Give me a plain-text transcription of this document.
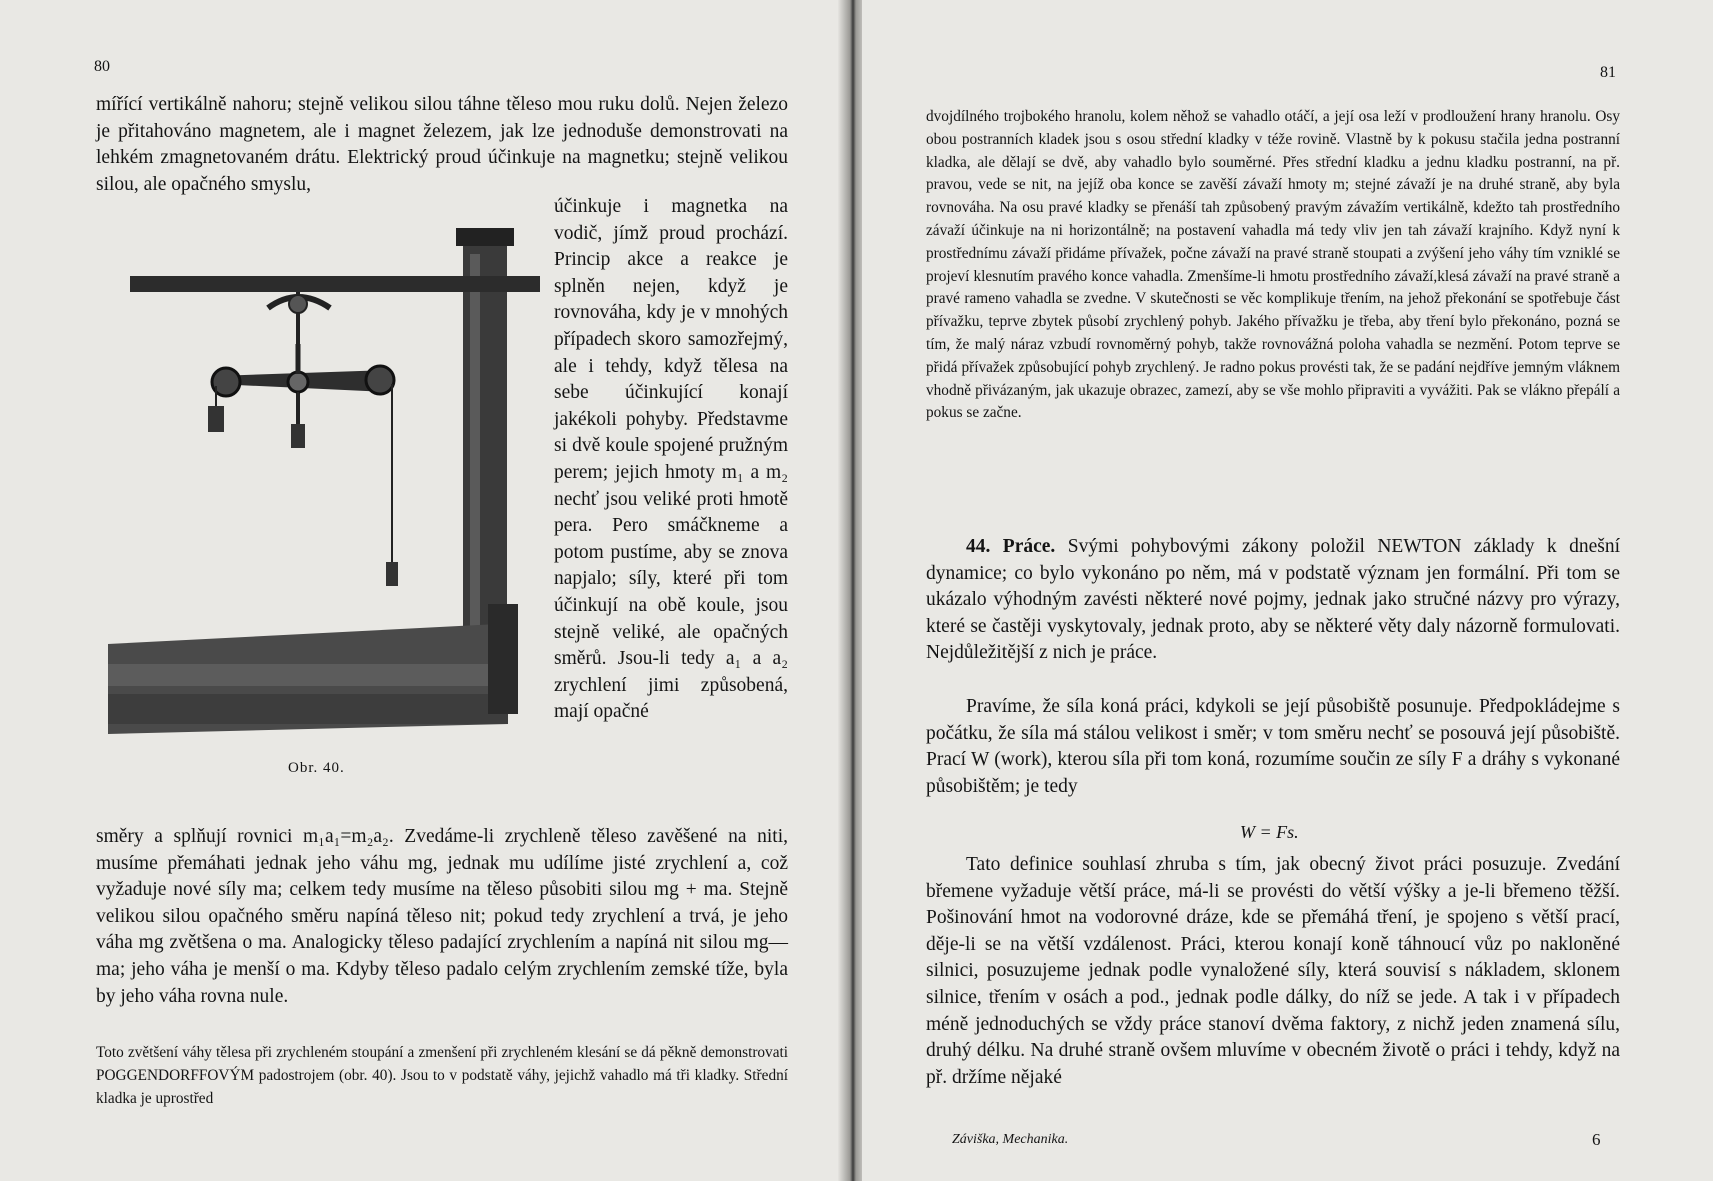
80

mířící vertikálně nahoru; stejně velikou silou táhne těleso mou ruku dolů. Nejen železo je přitahováno magnetem, ale i magnet železem, jak lze jednoduše demonstrovati na lehkém zmagnetovaném drátu. Elektrický proud účinkuje na magnetku; stejně velikou silou, ale opačného smyslu,

Obr. 40.

účinkuje i magnetka na vodič, jímž proud prochází. Princip akce a reakce je splněn nejen, když je rovnováha, kdy je v mnohých případech skoro samozřejmý, ale i tehdy, když tělesa na sebe účinkující konají jakékoli pohyby. Představme si dvě koule spojené pružným perem; jejich hmoty m₁ a m₂ nechť jsou veliké proti hmotě pera. Pero smáčkneme a potom pustíme, aby se znova napjalo; síly, které při tom účinkují na obě koule, jsou stejně veliké, ale opačných směrů. Jsou-li tedy a₁ a a₂ zrychlení jimi způsobená, mají opačné

směry a splňují rovnici m₁a₁=m₂a₂. Zvedáme-li zrychleně těleso zavěšené na niti, musíme přemáhati jednak jeho váhu mg, jednak mu udílíme jisté zrychlení a, což vyžaduje nové síly ma; celkem tedy musíme na těleso působiti silou mg + ma. Stejně velikou silou opačného směru napíná těleso nit; pokud tedy zrychlení a trvá, je jeho váha mg zvětšena o ma. Analogicky těleso padající zrychlením a napíná nit silou mg—ma; jeho váha je menší o ma. Kdyby těleso padalo celým zrychlením zemské tíže, byla by jeho váha rovna nule.

Toto zvětšení váhy tělesa při zrychleném stoupání a zmenšení při zrychleném klesání se dá pěkně demonstrovati POGGENDORFFOVÝM padostrojem (obr. 40). Jsou to v podstatě váhy, jejichž vahadlo má tři kladky. Střední kladka je uprostřed

81

dvojdílného trojbokého hranolu, kolem něhož se vahadlo otáčí, a její osa leží v prodloužení hrany hranolu. Osy obou postranních kladek jsou s osou střední kladky v téže rovině. Vlastně by k pokusu stačila jedna postranní kladka, ale dělají se dvě, aby vahadlo bylo souměrné. Přes střední kladku a jednu kladku postranní, na př. pravou, vede se nit, na jejíž oba konce se zavěší závaží hmoty m; stejné závaží je na druhé straně, aby byla rovnováha. Na osu pravé kladky se přenáší tah způsobený pravým závažím vertikálně, kdežto tah prostředního závaží účinkuje na ni horizontálně; na postavení vahadla má tedy vliv jen tah závaží krajního. Když nyní k prostřednímu závaží přidáme přívažek, počne závaží na pravé straně stoupati a zvýšení jeho váhy tím vzniklé se projeví klesnutím pravého konce vahadla. Zmenšíme-li hmotu prostředního závaží,klesá závaží na pravé straně a pravé rameno vahadla se zvedne. V skutečnosti se věc komplikuje třením, na jehož překonání se spotřebuje část přívažku, teprve zbytek působí zrychlený pohyb. Jakého přívažku je třeba, aby tření bylo překonáno, pozná se tím, že malý náraz vzbudí rovnoměrný pohyb, takže rovnovážná poloha vahadla se nezmění. Potom teprve se přidá přívažek způsobující pohyb zrychlený. Je radno pokus provésti tak, že se padání nejdříve jemným vláknem vhodně přivázaným, jak ukazuje obrazec, zamezí, aby se vše mohlo připraviti a vyvážiti. Pak se vlákno přepálí a pokus se začne.

44. Práce. Svými pohybovými zákony položil NEWTON základy k dnešní dynamice; co bylo vykonáno po něm, má v podstatě význam jen formální. Při tom se ukázalo výhodným zavésti některé nové pojmy, jednak jako stručné názvy pro výrazy, které se častěji vyskytovaly, jednak proto, aby se některé věty daly názorně formulovati. Nejdůležitější z nich je práce.

Pravíme, že síla koná práci, kdykoli se její působiště posunuje. Předpokládejme s počátku, že síla má stálou velikost i směr; v tom směru nechť se posouvá její působiště. Prací W (work), kterou síla při tom koná, rozumíme součin ze síly F a dráhy s vykonané působištěm; je tedy

W = Fs.

Tato definice souhlasí zhruba s tím, jak obecný život práci posuzuje. Zvedání břemene vyžaduje větší práce, má-li se provésti do větší výšky a je-li břemeno těžší. Pošinování hmot na vodorovné dráze, kde se přemáhá tření, je spojeno s větší prací, děje-li se na větší vzdálenost. Práci, kterou konají koně táhnoucí vůz po nakloněné silnici, posuzujeme jednak podle vynaložené síly, která souvisí s nákladem, sklonem silnice, třením v osách a pod., jednak podle dálky, do níž se jede. A tak i v případech méně jednoduchých se vždy práce stanoví dvěma faktory, z nichž jeden znamená sílu, druhý délku. Na druhé straně ovšem mluvíme v obecném životě o práci i tehdy, když na př. držíme nějaké

Záviška, Mechanika.	6
